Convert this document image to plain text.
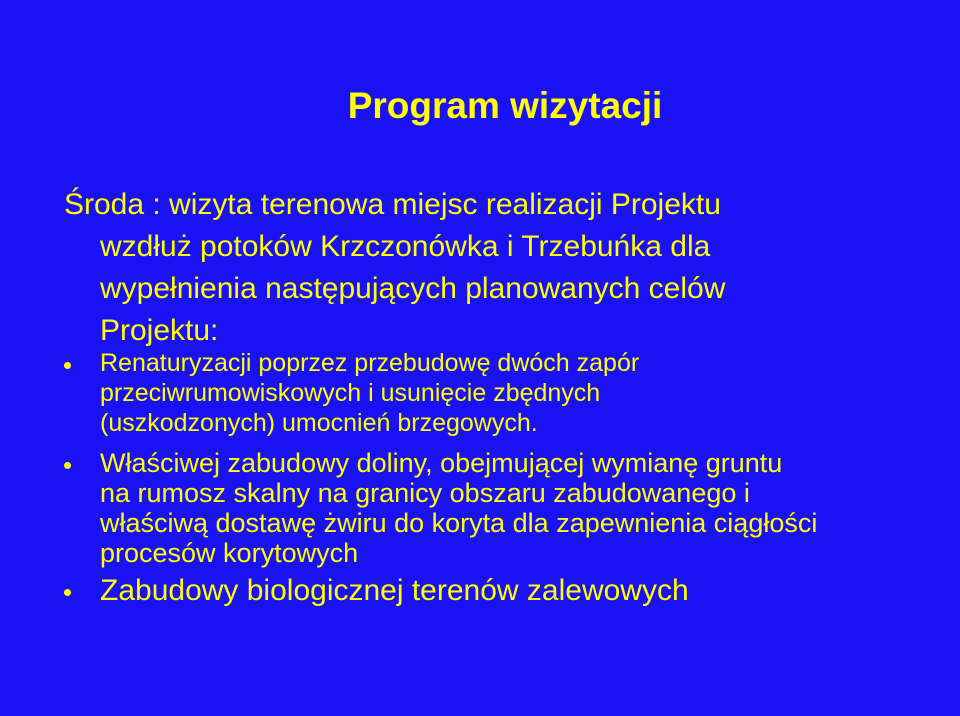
Program wizytacji
Środa : wizyta terenowa miejsc realizacji Projektu
wzdłuż potoków Krzczonówka i Trzebuńka dla
wypełnienia następujących planowanych celów
Projektu:
Renaturyzacji poprzez przebudowę dwóch zapór
przeciwrumowiskowych i usunięcie zbędnych
(uszkodzonych) umocnień brzegowych.
Właściwej zabudowy doliny, obejmującej wymianę gruntu
na rumosz skalny na granicy obszaru zabudowanego i
właściwą dostawę żwiru do koryta dla zapewnienia ciągłości
procesów korytowych
Zabudowy biologicznej terenów zalewowych
